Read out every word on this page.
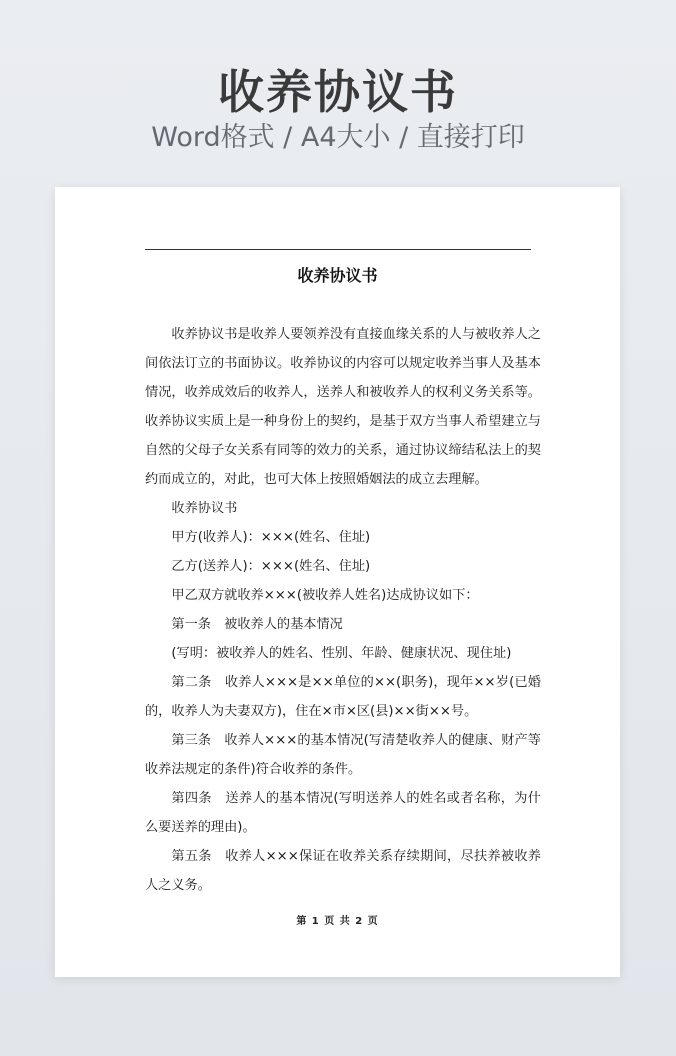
收养协议书
Word格式 / A4大小 / 直接打印
收养协议书

收养协议书是收养人要领养没有直接血缘关系的人与被收养人之间依法订立的书面协议。收养协议的内容可以规定收养当事人及基本情况，收养成效后的收养人，送养人和被收养人的权利义务关系等。收养协议实质上是一种身份上的契约，是基于双方当事人希望建立与自然的父母子女关系有同等的效力的关系，通过协议缔结私法上的契约而成立的，对此，也可大体上按照婚姻法的成立去理解。

收养协议书

甲方(收养人)：×××(姓名、住址)

乙方(送养人)：×××(姓名、住址)

甲乙双方就收养×××(被收养人姓名)达成协议如下：

第一条　被收养人的基本情况

(写明：被收养人的姓名、性别、年龄、健康状况、现住址)

第二条　收养人×××是××单位的××(职务)，现年××岁(已婚的，收养人为夫妻双方)，住在×市×区(县)××街××号。

第三条　收养人×××的基本情况(写清楚收养人的健康、财产等收养法规定的条件)符合收养的条件。

第四条　送养人的基本情况(写明送养人的姓名或者名称，为什么要送养的理由)。

第五条　收养人×××保证在收养关系存续期间，尽扶养被收养人之义务。

第 1 页 共 2 页
